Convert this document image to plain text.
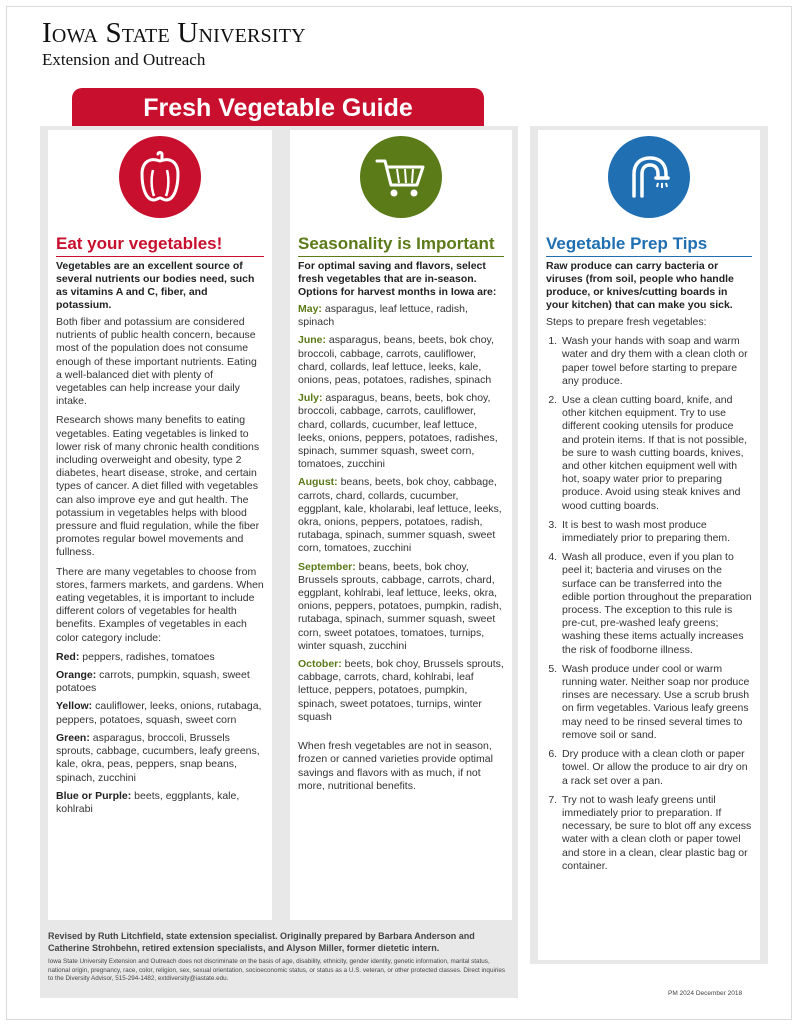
Iowa State University
Extension and Outreach
Fresh Vegetable Guide
Eat your vegetables!
Vegetables are an excellent source of several nutrients our bodies need, such as vitamins A and C, fiber, and potassium.

Both fiber and potassium are considered nutrients of public health concern, because most of the population does not consume enough of these important nutrients. Eating a well-balanced diet with plenty of vegetables can help increase your daily intake.

Research shows many benefits to eating vegetables. Eating vegetables is linked to lower risk of many chronic health conditions including overweight and obesity, type 2 diabetes, heart disease, stroke, and certain types of cancer. A diet filled with vegetables can also improve eye and gut health. The potassium in vegetables helps with blood pressure and fluid regulation, while the fiber promotes regular bowel movements and fullness.

There are many vegetables to choose from stores, farmers markets, and gardens. When eating vegetables, it is important to include different colors of vegetables for health benefits. Examples of vegetables in each color category include:

Red: peppers, radishes, tomatoes
Orange: carrots, pumpkin, squash, sweet potatoes
Yellow: cauliflower, leeks, onions, rutabaga, peppers, potatoes, squash, sweet corn
Green: asparagus, broccoli, Brussels sprouts, cabbage, cucumbers, leafy greens, kale, okra, peas, peppers, snap beans, spinach, zucchini
Blue or Purple: beets, eggplants, kale, kohlrabi
Seasonality is Important
For optimal saving and flavors, select fresh vegetables that are in-season. Options for harvest months in Iowa are:
May: asparagus, leaf lettuce, radish, spinach
June: asparagus, beans, beets, bok choy, broccoli, cabbage, carrots, cauliflower, chard, collards, leaf lettuce, leeks, kale, onions, peas, potatoes, radishes, spinach
July: asparagus, beans, beets, bok choy, broccoli, cabbage, carrots, cauliflower, chard, collards, cucumber, leaf lettuce, leeks, onions, peppers, potatoes, radishes, spinach, summer squash, sweet corn, tomatoes, zucchini
August: beans, beets, bok choy, cabbage, carrots, chard, collards, cucumber, eggplant, kale, kholarabi, leaf lettuce, leeks, okra, onions, peppers, potatoes, radish, rutabaga, spinach, summer squash, sweet corn, tomatoes, zucchini
September: beans, beets, bok choy, Brussels sprouts, cabbage, carrots, chard, eggplant, kohlrabi, leaf lettuce, leeks, okra, onions, peppers, potatoes, pumpkin, radish, rutabaga, spinach, summer squash, sweet corn, sweet potatoes, tomatoes, turnips, winter squash, zucchini
October: beets, bok choy, Brussels sprouts, cabbage, carrots, chard, kohlrabi, leaf lettuce, peppers, potatoes, pumpkin, spinach, sweet potatoes, turnips, winter squash

When fresh vegetables are not in season, frozen or canned varieties provide optimal savings and flavors with as much, if not more, nutritional benefits.

Vegetable Prep Tips
Raw produce can carry bacteria or viruses (from soil, people who handle produce, or knives/cutting boards in your kitchen) that can make you sick.

Steps to prepare fresh vegetables:

1. Wash your hands with soap and warm water and dry them with a clean cloth or paper towel before starting to prepare any produce.
2. Use a clean cutting board, knife, and other kitchen equipment. Try to use different cooking utensils for produce and protein items. If that is not possible, be sure to wash cutting boards, knives, and other kitchen equipment well with hot, soapy water prior to preparing produce. Avoid using steak knives and wood cutting boards.
3. It is best to wash most produce immediately prior to preparing them.
4. Wash all produce, even if you plan to peel it; bacteria and viruses on the surface can be transferred into the edible portion throughout the preparation process. The exception to this rule is pre-cut, pre-washed leafy greens; washing these items actually increases the risk of foodborne illness.
5. Wash produce under cool or warm running water. Neither soap nor produce rinses are necessary. Use a scrub brush on firm vegetables. Various leafy greens may need to be rinsed several times to remove soil or sand.
6. Dry produce with a clean cloth or paper towel. Or allow the produce to air dry on a rack set over a pan.
7. Try not to wash leafy greens until immediately prior to preparation. If necessary, be sure to blot off any excess water with a clean cloth or paper towel and store in a clean, clear plastic bag or container.
Revised by Ruth Litchfield, state extension specialist. Originally prepared by Barbara Anderson and Catherine Strohbehn, retired extension specialists, and Alyson Miller, former dietetic intern.
Iowa State University Extension and Outreach does not discriminate on the basis of age, disability, ethnicity, gender identity, genetic information, marital status, national origin, pregnancy, race, color, religion, sex, sexual orientation, socioeconomic status, or status as a U.S. veteran, or other protected classes. Direct inquiries to the Diversity Advisor, 515-294-1482, extdiversity@iastate.edu.
PM 2024 December 2018
